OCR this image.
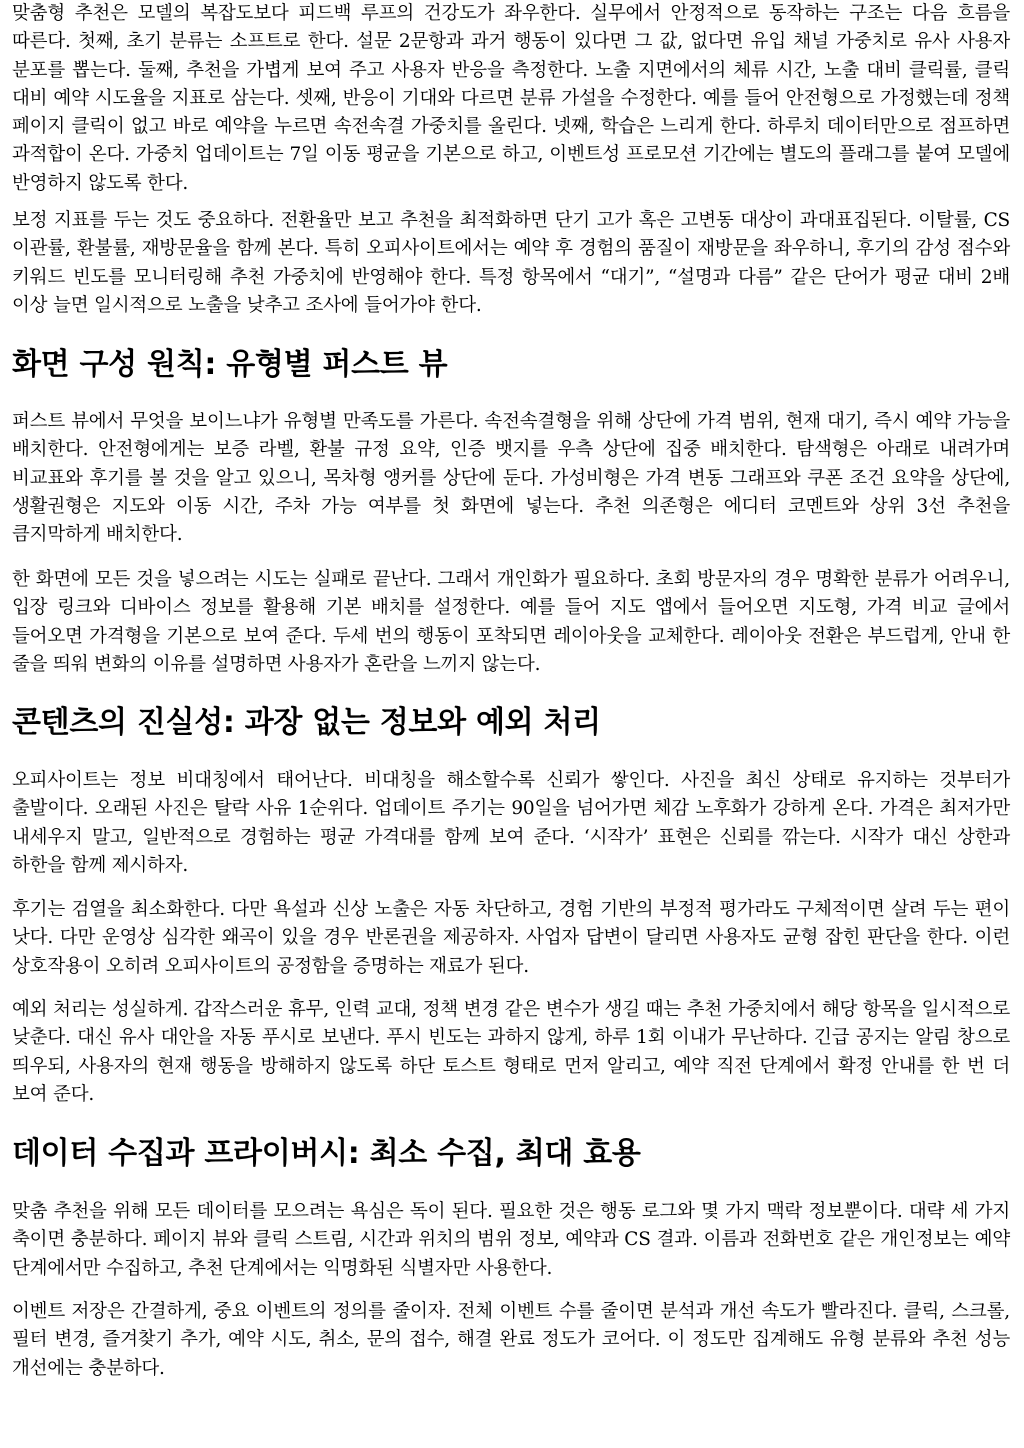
맞춤형 추천은 모델의 복잡도보다 피드백 루프의 건강도가 좌우한다. 실무에서 안정적으로 동작하는 구조는 다음 흐름을 따른다. 첫째, 초기 분류는 소프트로 한다. 설문 2문항과 과거 행동이 있다면 그 값, 없다면 유입 채널 가중치로 유사 사용자 분포를 뽑는다. 둘째, 추천을 가볍게 보여 주고 사용자 반응을 측정한다. 노출 지면에서의 체류 시간, 노출 대비 클릭률, 클릭 대비 예약 시도율을 지표로 삼는다. 셋째, 반응이 기대와 다르면 분류 가설을 수정한다. 예를 들어 안전형으로 가정했는데 정책 페이지 클릭이 없고 바로 예약을 누르면 속전속결 가중치를 올린다. 넷째, 학습은 느리게 한다. 하루치 데이터만으로 점프하면 과적합이 온다. 가중치 업데이트는 7일 이동 평균을 기본으로 하고, 이벤트성 프로모션 기간에는 별도의 플래그를 붙여 모델에 반영하지 않도록 한다.

보정 지표를 두는 것도 중요하다. 전환율만 보고 추천을 최적화하면 단기 고가 혹은 고변동 대상이 과대표집된다. 이탈률, CS 이관률, 환불률, 재방문율을 함께 본다. 특히 오피사이트에서는 예약 후 경험의 품질이 재방문을 좌우하니, 후기의 감성 점수와 키워드 빈도를 모니터링해 추천 가중치에 반영해야 한다. 특정 항목에서 “대기”, “설명과 다름” 같은 단어가 평균 대비 2배 이상 늘면 일시적으로 노출을 낮추고 조사에 들어가야 한다.

화면 구성 원칙: 유형별 퍼스트 뷰

퍼스트 뷰에서 무엇을 보이느냐가 유형별 만족도를 가른다. 속전속결형을 위해 상단에 가격 범위, 현재 대기, 즉시 예약 가능을 배치한다. 안전형에게는 보증 라벨, 환불 규정 요약, 인증 뱃지를 우측 상단에 집중 배치한다. 탐색형은 아래로 내려가며 비교표와 후기를 볼 것을 알고 있으니, 목차형 앵커를 상단에 둔다. 가성비형은 가격 변동 그래프와 쿠폰 조건 요약을 상단에, 생활권형은 지도와 이동 시간, 주차 가능 여부를 첫 화면에 넣는다. 추천 의존형은 에디터 코멘트와 상위 3선 추천을 큼지막하게 배치한다.

한 화면에 모든 것을 넣으려는 시도는 실패로 끝난다. 그래서 개인화가 필요하다. 초회 방문자의 경우 명확한 분류가 어려우니, 입장 링크와 디바이스 정보를 활용해 기본 배치를 설정한다. 예를 들어 지도 앱에서 들어오면 지도형, 가격 비교 글에서 들어오면 가격형을 기본으로 보여 준다. 두세 번의 행동이 포착되면 레이아웃을 교체한다. 레이아웃 전환은 부드럽게, 안내 한 줄을 띄워 변화의 이유를 설명하면 사용자가 혼란을 느끼지 않는다.

콘텐츠의 진실성: 과장 없는 정보와 예외 처리

오피사이트는 정보 비대칭에서 태어난다. 비대칭을 해소할수록 신뢰가 쌓인다. 사진을 최신 상태로 유지하는 것부터가 출발이다. 오래된 사진은 탈락 사유 1순위다. 업데이트 주기는 90일을 넘어가면 체감 노후화가 강하게 온다. 가격은 최저가만 내세우지 말고, 일반적으로 경험하는 평균 가격대를 함께 보여 준다. ‘시작가’ 표현은 신뢰를 깎는다. 시작가 대신 상한과 하한을 함께 제시하자.

후기는 검열을 최소화한다. 다만 욕설과 신상 노출은 자동 차단하고, 경험 기반의 부정적 평가라도 구체적이면 살려 두는 편이 낫다. 다만 운영상 심각한 왜곡이 있을 경우 반론권을 제공하자. 사업자 답변이 달리면 사용자도 균형 잡힌 판단을 한다. 이런 상호작용이 오히려 오피사이트의 공정함을 증명하는 재료가 된다.

예외 처리는 성실하게. 갑작스러운 휴무, 인력 교대, 정책 변경 같은 변수가 생길 때는 추천 가중치에서 해당 항목을 일시적으로 낮춘다. 대신 유사 대안을 자동 푸시로 보낸다. 푸시 빈도는 과하지 않게, 하루 1회 이내가 무난하다. 긴급 공지는 알림 창으로 띄우되, 사용자의 현재 행동을 방해하지 않도록 하단 토스트 형태로 먼저 알리고, 예약 직전 단계에서 확정 안내를 한 번 더 보여 준다.

데이터 수집과 프라이버시: 최소 수집, 최대 효용

맞춤 추천을 위해 모든 데이터를 모으려는 욕심은 독이 된다. 필요한 것은 행동 로그와 몇 가지 맥락 정보뿐이다. 대략 세 가지 축이면 충분하다. 페이지 뷰와 클릭 스트림, 시간과 위치의 범위 정보, 예약과 CS 결과. 이름과 전화번호 같은 개인정보는 예약 단계에서만 수집하고, 추천 단계에서는 익명화된 식별자만 사용한다.

이벤트 저장은 간결하게, 중요 이벤트의 정의를 줄이자. 전체 이벤트 수를 줄이면 분석과 개선 속도가 빨라진다. 클릭, 스크롤, 필터 변경, 즐겨찾기 추가, 예약 시도, 취소, 문의 접수, 해결 완료 정도가 코어다. 이 정도만 집계해도 유형 분류와 추천 성능 개선에는 충분하다.
